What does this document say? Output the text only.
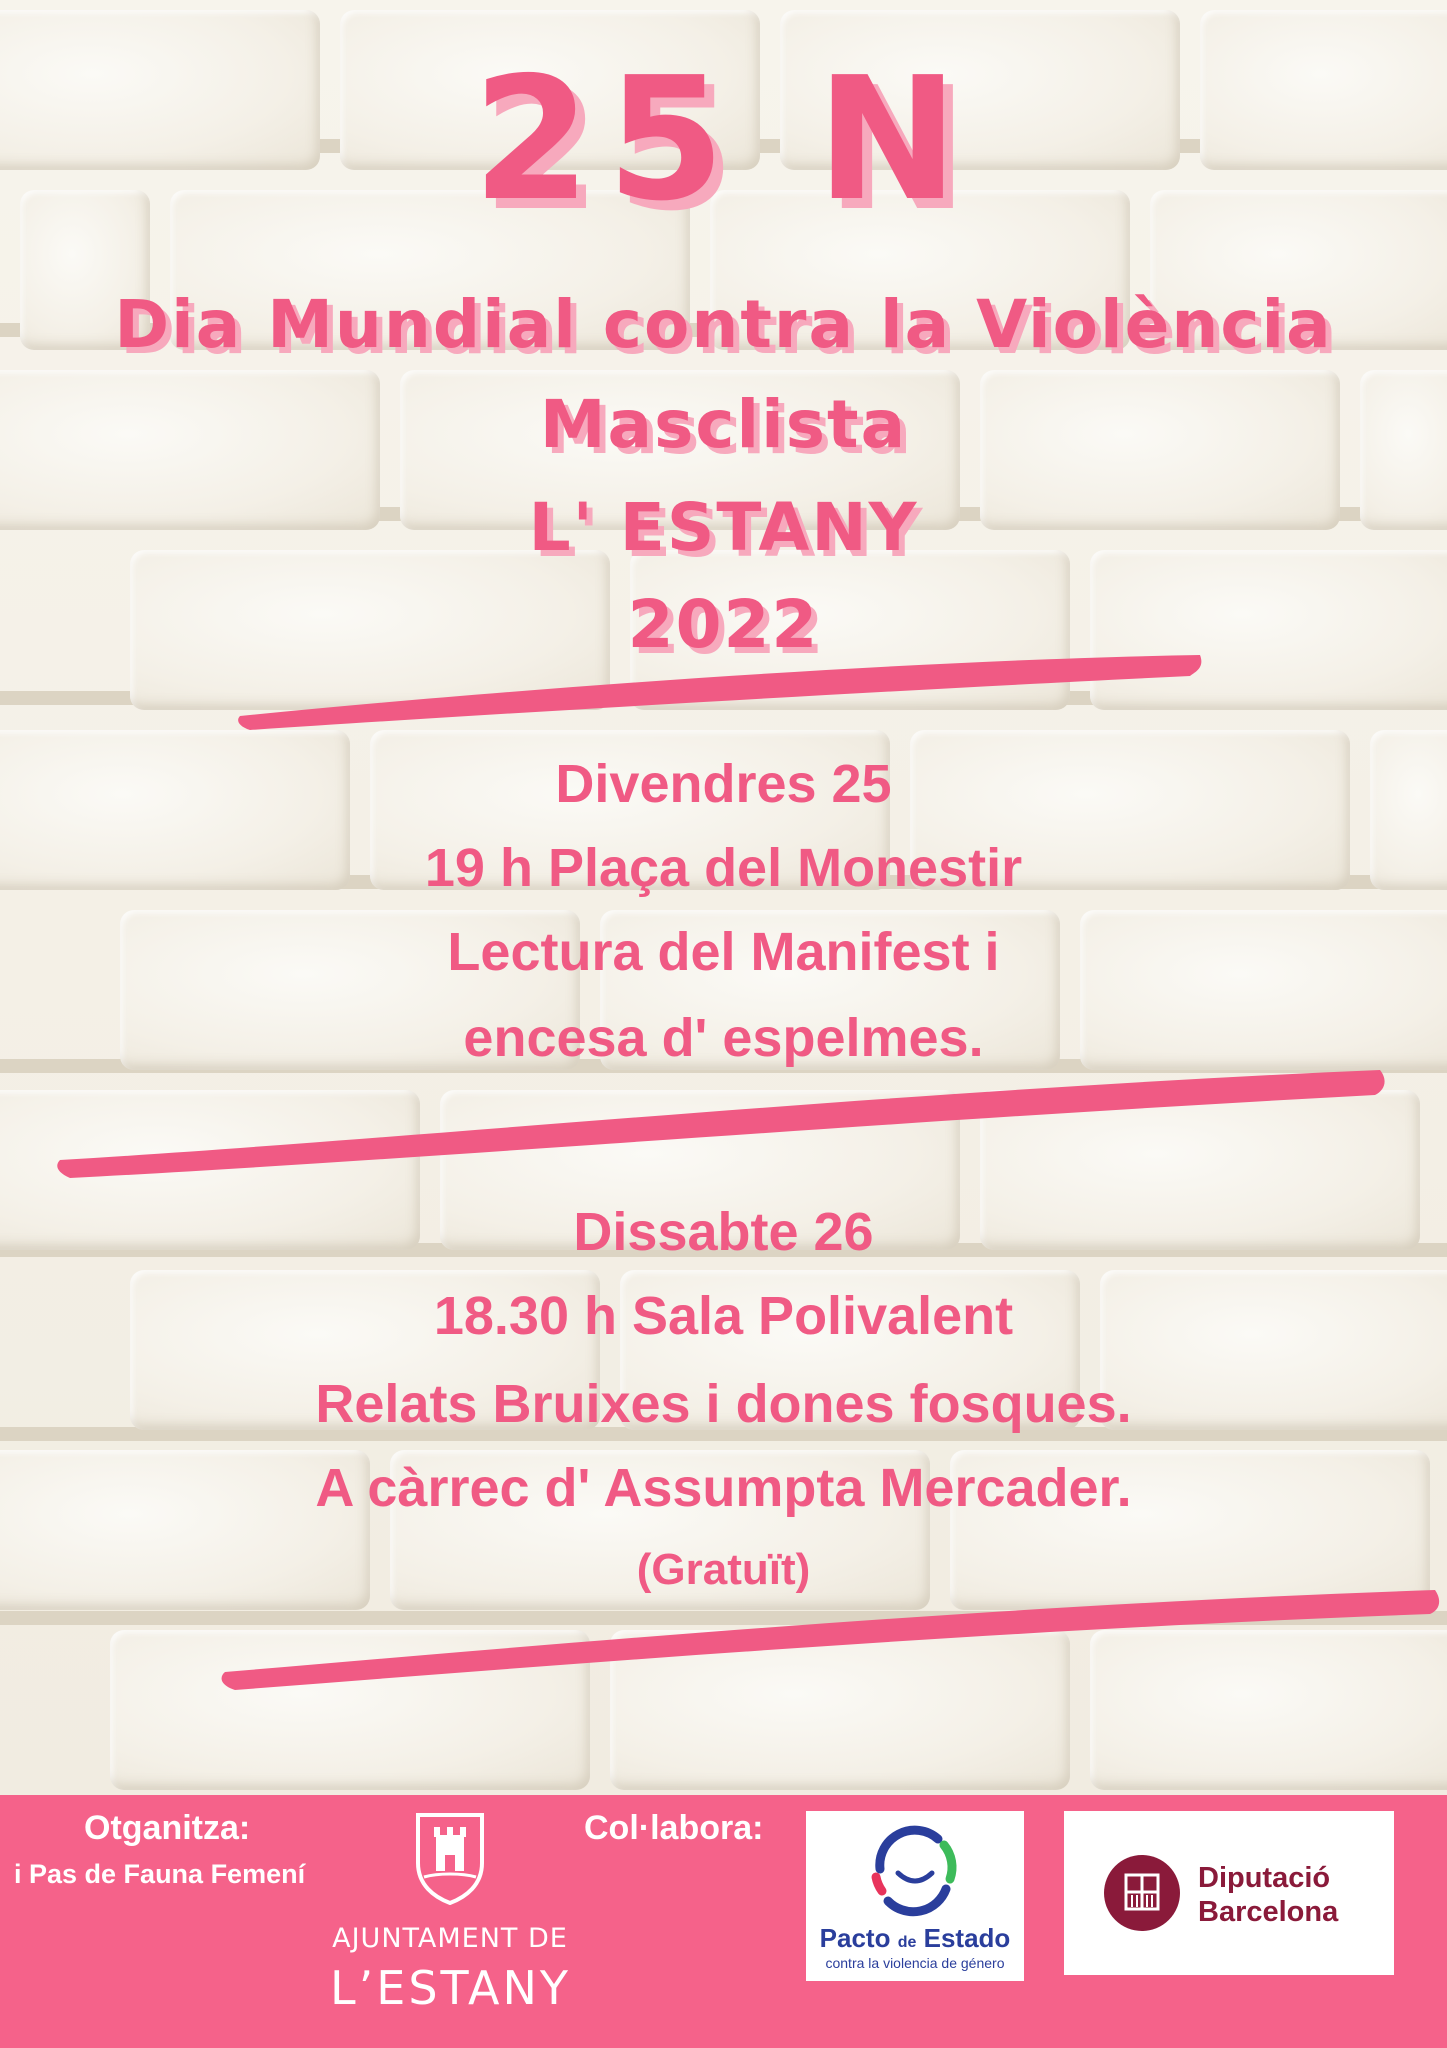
25 N
Dia Mundial contra la Violència
Masclista
L' ESTANY
2022
Divendres 25
19 h Plaça del Monestir
Lectura del Manifest i
encesa d' espelmes.
Dissabte 26
18.30 h Sala Polivalent
Relats Bruixes i dones fosques.
A càrrec d' Assumpta Mercader.
(Gratuït)
Otganitza:
i Pas de Fauna Femení
AJUNTAMENT DE
L’ESTANY
Col·labora:
Pacto de Estado
contra la violencia de género
Diputació
Barcelona
